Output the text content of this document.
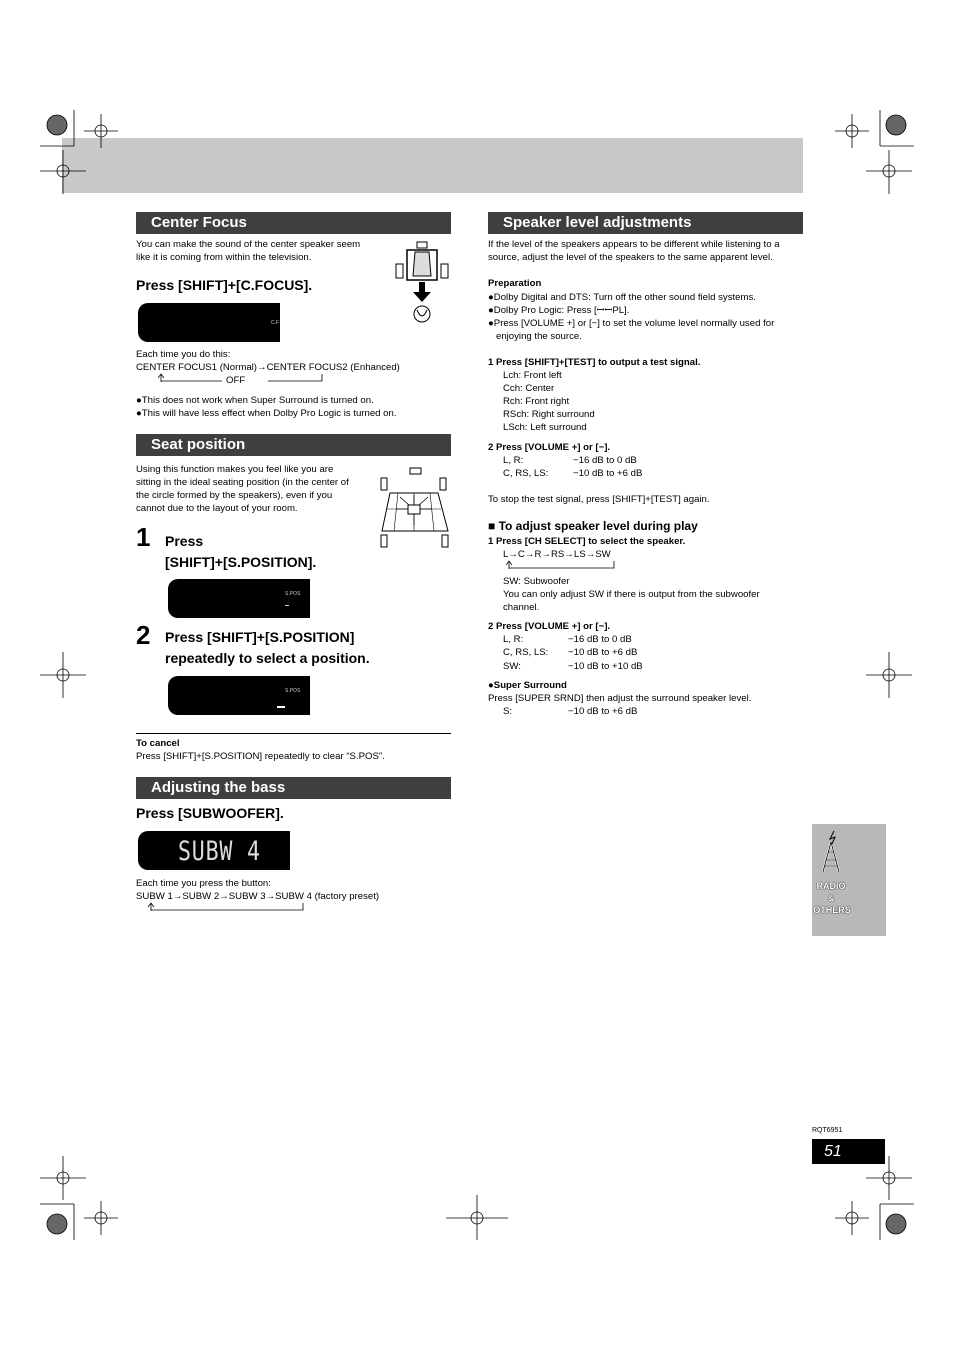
Center Focus
You can make the sound of the center speaker seem
like it is coming from within the television.
Press [SHIFT]+[C.FOCUS].
C.F
Each time you do this:
CENTER FOCUS1 (Normal)→CENTER FOCUS2 (Enhanced)
OFF
●This does not work when Super Surround is turned on.
●This will have less effect when Dolby Pro Logic is turned on.
Seat position
Using this function makes you feel like you are
sitting in the ideal seating position (in the center of
the circle formed by the speakers), even if you
cannot due to the layout of your room.
1 Press
[SHIFT]+[S.POSITION].
S.POS
2 Press [SHIFT]+[S.POSITION]
repeatedly to select a position.
S.POS
To cancel
Press [SHIFT]+[S.POSITION] repeatedly to clear “S.POS”.
Adjusting the bass
Press [SUBWOOFER].
SUBW 4
Each time you press the button:
SUBW 1→SUBW 2→SUBW 3→SUBW 4 (factory preset)
Speaker level adjustments
If the level of the speakers appears to be different while listening to a
source, adjust the level of the speakers to the same apparent level.
Preparation
●Dolby Digital and DTS: Turn off the other sound field systems.
●Dolby Pro Logic: Press [ꟷꟷPL].
●Press [VOLUME +] or [−] to set the volume level normally used for
enjoying the source.
1 Press [SHIFT]+[TEST] to output a test signal.
Lch: Front left
Cch: Center
Rch: Front right
RSch: Right surround
LSch: Left surround
2 Press [VOLUME +] or [−].
L, R:	−16 dB to 0 dB
C, RS, LS:	−10 dB to +6 dB
To stop the test signal, press [SHIFT]+[TEST] again.
■ To adjust speaker level during play
1 Press [CH SELECT] to select the speaker.
L→C→R→RS→LS→SW
SW: Subwoofer
You can only adjust SW if there is output from the subwoofer
channel.
2 Press [VOLUME +] or [−].
L, R:	−16 dB to 0 dB
C, RS, LS: −10 dB to +6 dB
SW:	−10 dB to +10 dB
●Super Surround
Press [SUPER SRND] then adjust the surround speaker level.
S:	−10 dB to +6 dB
RADIO
&
OTHERS
RQT6951
51
